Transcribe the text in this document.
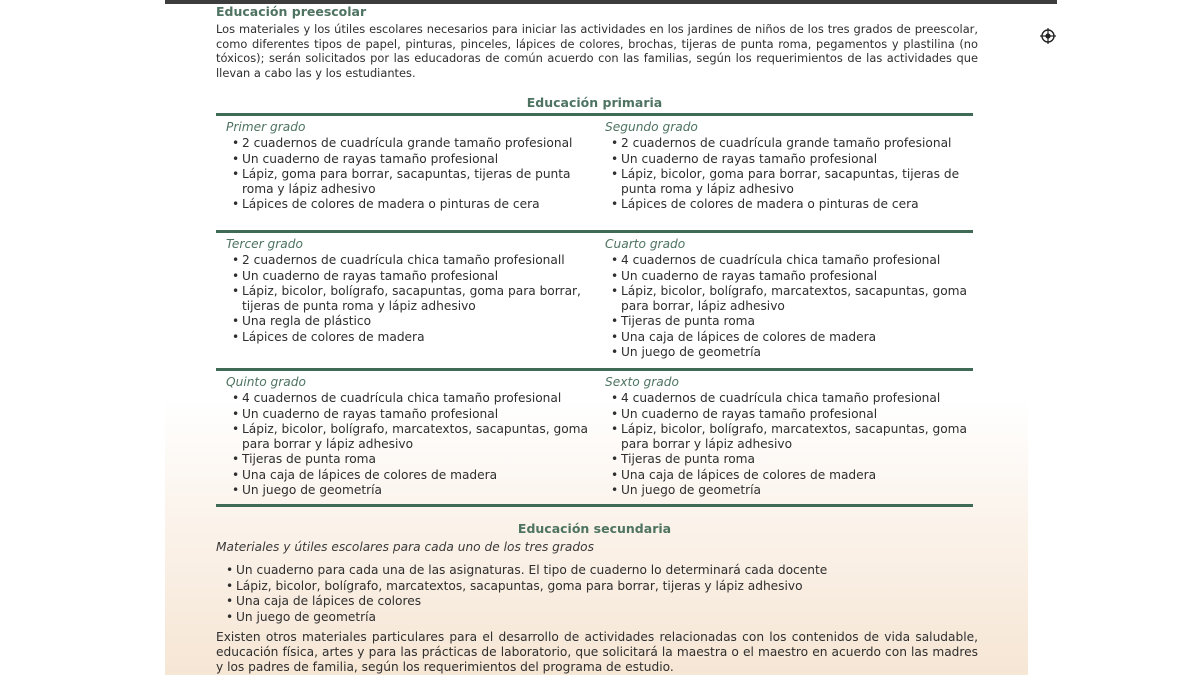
Educación preescolar
Los materiales y los útiles escolares necesarios para iniciar las actividades en los jardines de niños de los tres grados de preescolar, como diferentes tipos de papel, pinturas, pinceles, lápices de colores, brochas, tijeras de punta roma, pegamentos y plastilina (no tóxicos); serán solicitados por las educadoras de común acuerdo con las familias, según los requerimientos de las actividades que llevan a cabo las y los estudiantes.
Educación primaria
Primer grado
• 2 cuadernos de cuadrícula grande tamaño profesional
• Un cuaderno de rayas tamaño profesional
• Lápiz, goma para borrar, sacapuntas, tijeras de punta roma y lápiz adhesivo
• Lápices de colores de madera o pinturas de cera
Segundo grado
• 2 cuadernos de cuadrícula grande tamaño profesional
• Un cuaderno de rayas tamaño profesional
• Lápiz, bicolor, goma para borrar, sacapuntas, tijeras de punta roma y lápiz adhesivo
• Lápices de colores de madera o pinturas de cera
Tercer grado
• 2 cuadernos de cuadrícula chica tamaño profesionall
• Un cuaderno de rayas tamaño profesional
• Lápiz, bicolor, bolígrafo, sacapuntas, goma para borrar, tijeras de punta roma y lápiz adhesivo
• Una regla de plástico
• Lápices de colores de madera
Cuarto grado
• 4 cuadernos de cuadrícula chica tamaño profesional
• Un cuaderno de rayas tamaño profesional
• Lápiz, bicolor, bolígrafo, marcatextos, sacapuntas, goma para borrar, lápiz adhesivo
• Tijeras de punta roma
• Una caja de lápices de colores de madera
• Un juego de geometría
Quinto grado
• 4 cuadernos de cuadrícula chica tamaño profesional
• Un cuaderno de rayas tamaño profesional
• Lápiz, bicolor, bolígrafo, marcatextos, sacapuntas, goma para borrar y lápiz adhesivo
• Tijeras de punta roma
• Una caja de lápices de colores de madera
• Un juego de geometría
Sexto grado
• 4 cuadernos de cuadrícula chica tamaño profesional
• Un cuaderno de rayas tamaño profesional
• Lápiz, bicolor, bolígrafo, marcatextos, sacapuntas, goma para borrar y lápiz adhesivo
• Tijeras de punta roma
• Una caja de lápices de colores de madera
• Un juego de geometría
Educación secundaria
Materiales y útiles escolares para cada uno de los tres grados
• Un cuaderno para cada una de las asignaturas. El tipo de cuaderno lo determinará cada docente
• Lápiz, bicolor, bolígrafo, marcatextos, sacapuntas, goma para borrar, tijeras y lápiz adhesivo
• Una caja de lápices de colores
• Un juego de geometría
Existen otros materiales particulares para el desarrollo de actividades relacionadas con los contenidos de vida saludable, educación física, artes y para las prácticas de laboratorio, que solicitará la maestra o el maestro en acuerdo con las madres y los padres de familia, según los requerimientos del programa de estudio.
